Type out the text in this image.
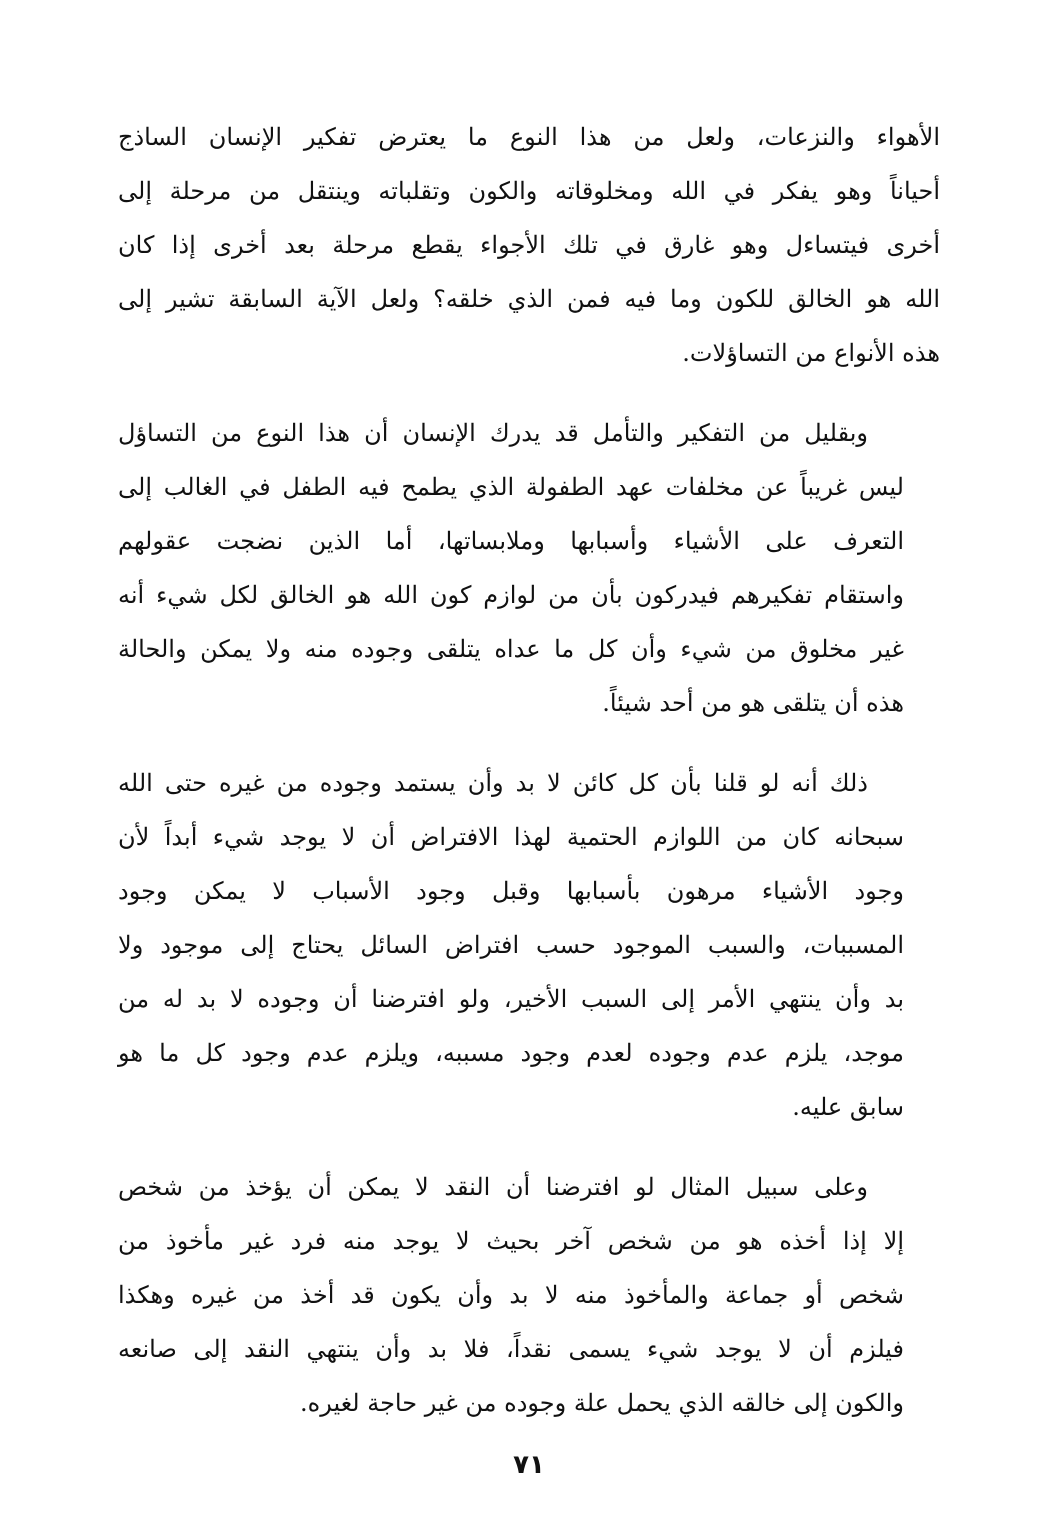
الأهواء والنزعات، ولعل من هذا النوع ما يعترض تفكير الإنسان الساذج
أحياناً وهو يفكر في الله ومخلوقاته والكون وتقلباته وينتقل من مرحلة إلى
أخرى فيتساءل وهو غارق في تلك الأجواء يقطع مرحلة بعد أخرى إذا كان
الله هو الخالق للكون وما فيه فمن الذي خلقه؟ ولعل الآية السابقة تشير إلى
هذه الأنواع من التساؤلات.

وبقليل من التفكير والتأمل قد يدرك الإنسان أن هذا النوع من التساؤل
ليس غريباً عن مخلفات عهد الطفولة الذي يطمح فيه الطفل في الغالب إلى
التعرف على الأشياء وأسبابها وملابساتها، أما الذين نضجت عقولهم
واستقام تفكيرهم فيدركون بأن من لوازم كون الله هو الخالق لكل شيء أنه
غير مخلوق من شيء وأن كل ما عداه يتلقى وجوده منه ولا يمكن والحالة
هذه أن يتلقى هو من أحد شيئاً.

ذلك أنه لو قلنا بأن كل كائن لا بد وأن يستمد وجوده من غيره حتى الله
سبحانه كان من اللوازم الحتمية لهذا الافتراض أن لا يوجد شيء أبداً لأن
وجود الأشياء مرهون بأسبابها وقبل وجود الأسباب لا يمكن وجود
المسببات، والسبب الموجود حسب افتراض السائل يحتاج إلى موجود ولا
بد وأن ينتهي الأمر إلى السبب الأخير، ولو افترضنا أن وجوده لا بد له من
موجد، يلزم عدم وجوده لعدم وجود مسببه، ويلزم عدم وجود كل ما هو
سابق عليه.

وعلى سبيل المثال لو افترضنا أن النقد لا يمكن أن يؤخذ من شخص
إلا إذا أخذه هو من شخص آخر بحيث لا يوجد منه فرد غير مأخوذ من
شخص أو جماعة والمأخوذ منه لا بد وأن يكون قد أخذ من غيره وهكذا
فيلزم أن لا يوجد شيء يسمى نقداً، فلا بد وأن ينتهي النقد إلى صانعه
والكون إلى خالقه الذي يحمل علة وجوده من غير حاجة لغيره.

٧١
